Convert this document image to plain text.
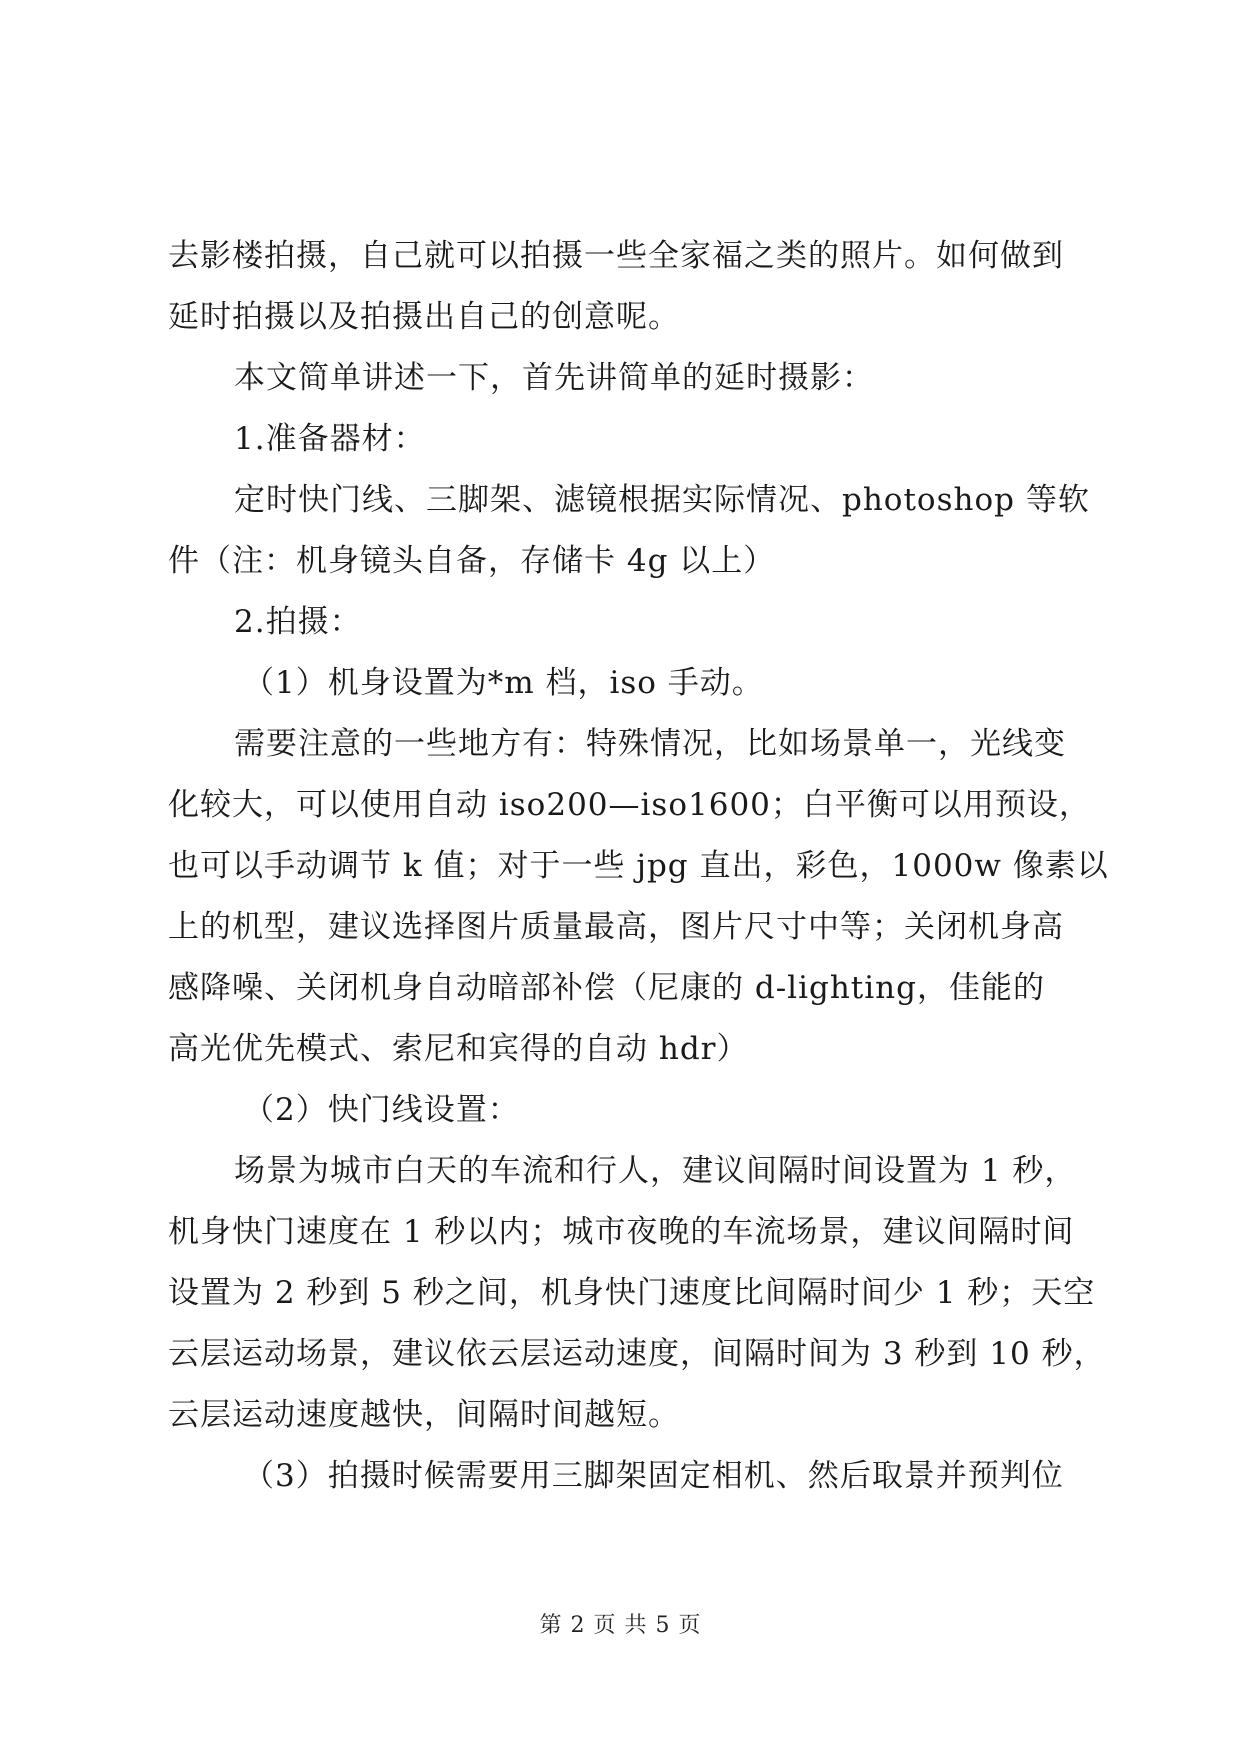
去影楼拍摄，自己就可以拍摄一些全家福之类的照片。如何做到
延时拍摄以及拍摄出自己的创意呢。
本文简单讲述一下，首先讲简单的延时摄影：
1.准备器材：
定时快门线、三脚架、滤镜根据实际情况、photoshop 等软
件（注：机身镜头自备，存储卡 4g 以上）
2.拍摄：
（1）机身设置为*m 档，iso 手动。
需要注意的一些地方有：特殊情况，比如场景单一，光线变
化较大，可以使用自动 iso200—iso1600；白平衡可以用预设，
也可以手动调节 k 值；对于一些 jpg 直出，彩色，1000w 像素以
上的机型，建议选择图片质量最高，图片尺寸中等；关闭机身高
感降噪、关闭机身自动暗部补偿（尼康的 d-lighting，佳能的
高光优先模式、索尼和宾得的自动 hdr）
（2）快门线设置：
场景为城市白天的车流和行人，建议间隔时间设置为 1 秒，
机身快门速度在 1 秒以内；城市夜晚的车流场景，建议间隔时间
设置为 2 秒到 5 秒之间，机身快门速度比间隔时间少 1 秒；天空
云层运动场景，建议依云层运动速度，间隔时间为 3 秒到 10 秒，
云层运动速度越快，间隔时间越短。
（3）拍摄时候需要用三脚架固定相机、然后取景并预判位
第 2 页 共 5 页
